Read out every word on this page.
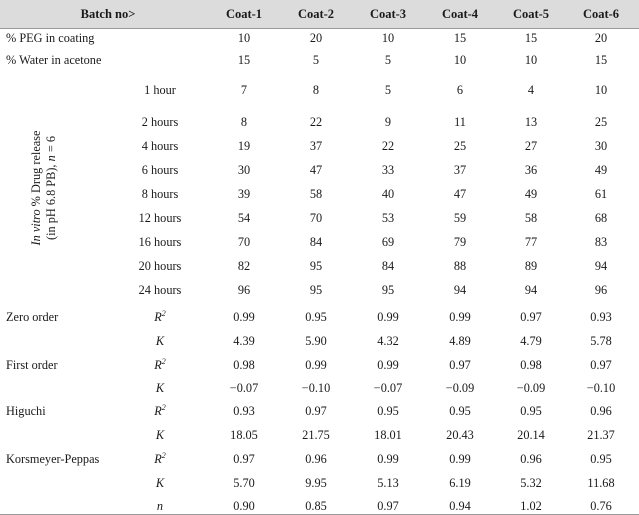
Batch no>
In vitro % Drug release (in pH 6.8 PB), n = 6
Coat-1	Coat-2	Coat-3	Coat-4	Coat-5	Coat-6
% PEG in coating	10	20	10	15	15	20
% Water in acetone	15	5	5	10	10	15
1 hour	7	8	5	6	4	10
2 hours	8	22	9	11	13	25
4 hours	19	37	22	25	27	30
6 hours	30	47	33	37	36	49
8 hours	39	58	40	47	49	61
12 hours	54	70	53	59	58	68
16 hours	70	84	69	79	77	83
20 hours	82	95	84	88	89	94
24 hours	96	95	95	94	94	96
Zero order	$R^2$	0.99	0.95	0.99	0.99	0.97	0.93
K	4.39	5.90	4.32	4.89	4.79	5.78
First order	$R^2$	0.98	0.99	0.99	0.97	0.98	0.97
K	−0.07	−0.10	−0.07	−0.09	−0.09	−0.10
Higuchi	$R^2$	0.93	0.97	0.95	0.95	0.95	0.96
K	18.05	21.75	18.01	20.43	20.14	21.37
Korsmeyer-Peppas	$R^2$	0.97	0.96	0.99	0.99	0.96	0.95
K	5.70	9.95	5.13	6.19	5.32	11.68
n	0.90	0.85	0.97	0.94	1.02	0.76
